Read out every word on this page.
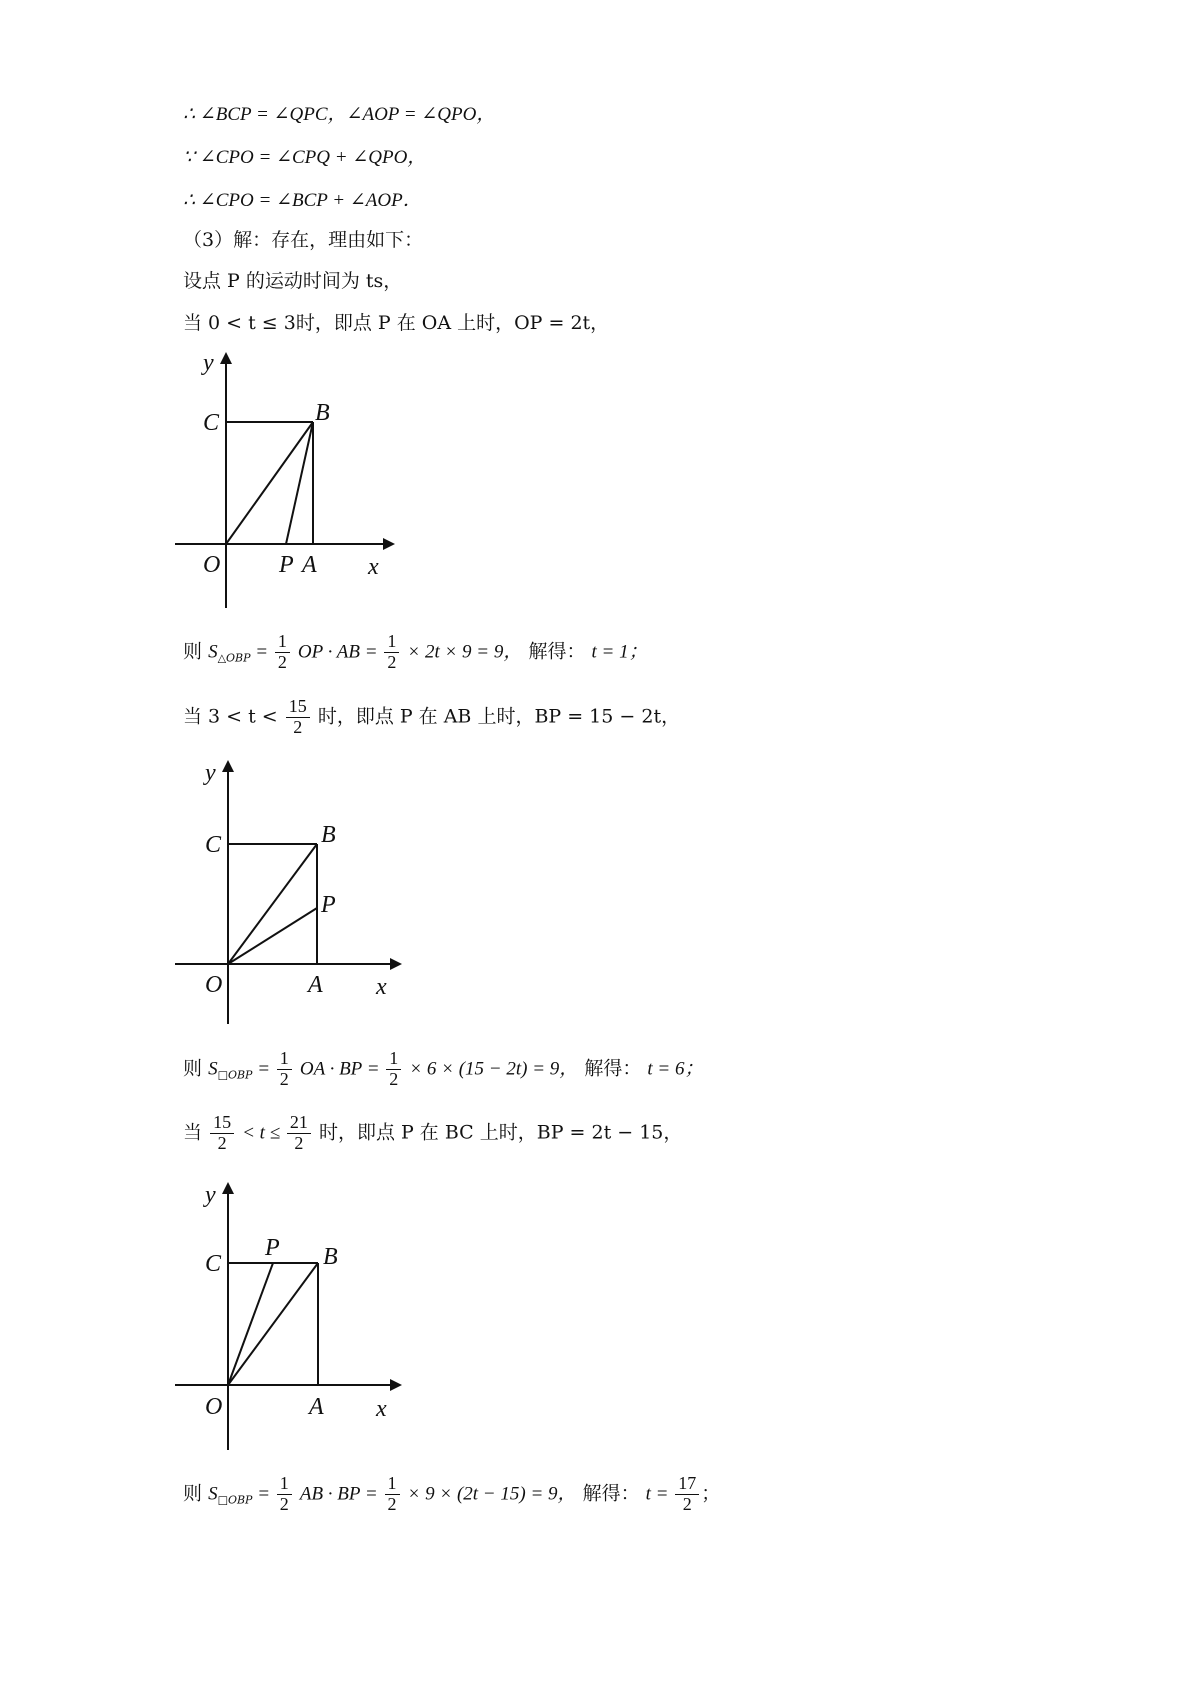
∴ ∠BCP = ∠QPC，∠AOP = ∠QPO，
∵ ∠CPO = ∠CPQ + ∠QPO，
∴ ∠CPO = ∠BCP + ∠AOP．
（3）解：存在，理由如下：
设点 P 的运动时间为 ts，
当 0 < t ≤ 3时，即点 P 在 OA 上时，OP = 2t，
y
C	B
O P A x
则 $S_{\triangle OBP} = \frac{1}{2}$ OP · AB = $\frac{1}{2} \times 2t \times 9 = 9$， 解得： t = 1；
当 $3 < t < \frac{15}{2}$ 时，即点 P 在 AB 上时，BP = 15 − 2t，
y
C	B
P
O	A x
则 $S_{□OBP} = \frac{1}{2}$ OA · BP = $\frac{1}{2} \times 6 \times (15 - 2t) = 9$， 解得： t = 6；
当 $\frac{15}{2} < t \le \frac{21}{2}$ 时，即点 P 在 BC 上时，BP = 2t − 15，
y
C
P B
O	A x
则 $S_{□OBP} = \frac{1}{2}$ AB · BP = $\frac{1}{2} \times 9 \times (2t - 15) = 9$， 解得： $t = \frac{17}{2}$ ；
